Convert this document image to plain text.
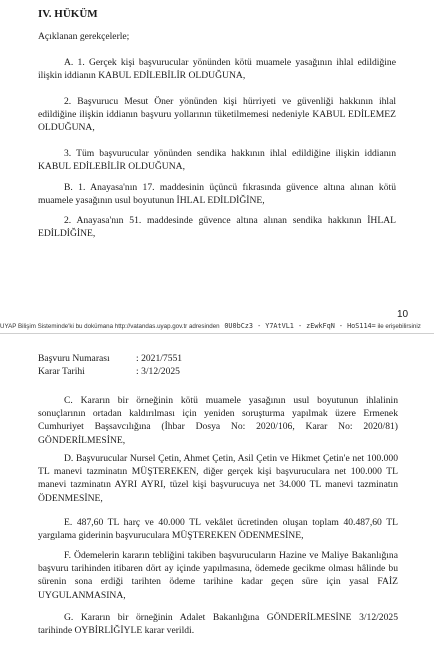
IV. HÜKÜM
Açıklanan gerekçelerle;
A. 1. Gerçek kişi başvurucular yönünden kötü muamele yasağının ihlal edildiğine ilişkin iddianın KABUL EDİLEBİLİR OLDUĞUNA,
2. Başvurucu Mesut Öner yönünden kişi hürriyeti ve güvenliği hakkının ihlal edildiğine ilişkin iddianın başvuru yollarının tüketilmemesi nedeniyle KABUL EDİLEMEZ OLDUĞUNA,
3. Tüm başvurucular yönünden sendika hakkının ihlal edildiğine ilişkin iddianın KABUL EDİLEBİLİR OLDUĞUNA,
B. 1. Anayasa'nın 17. maddesinin üçüncü fıkrasında güvence altına alınan kötü muamele yasağının usul boyutunun İHLAL EDİLDİĞİNE,
2. Anayasa'nın 51. maddesinde güvence altına alınan sendika hakkının İHLAL EDİLDİĞİNE,
10
UYAP Bilişim Sisteminde'ki bu dokümana http://vatandas.uyap.gov.tr adresinden 0U0bCz3 - Y7AtVL1 - zEwkFqN - HoS114= ile erişebilirsiniz
Başvuru Numarası	: 2021/7551
Karar Tarihi	: 3/12/2025
C. Kararın bir örneğinin kötü muamele yasağının usul boyutunun ihlalinin sonuçlarının ortadan kaldırılması için yeniden soruşturma yapılmak üzere Ermenek Cumhuriyet Başsavcılığına (İhbar Dosya No: 2020/106, Karar No: 2020/81) GÖNDERİLMESİNE,
D. Başvurucular Nursel Çetin, Ahmet Çetin, Asil Çetin ve Hikmet Çetin'e net 100.000 TL manevi tazminatın MÜŞTEREKEN, diğer gerçek kişi başvuruculara net 100.000 TL manevi tazminatın AYRI AYRI, tüzel kişi başvurucuya net 34.000 TL manevi tazminatın ÖDENMESİNE,
E. 487,60 TL harç ve 40.000 TL vekâlet ücretinden oluşan toplam 40.487,60 TL yargılama giderinin başvuruculara MÜŞTEREKEN ÖDENMESİNE,
F. Ödemelerin kararın tebliğini takiben başvurucuların Hazine ve Maliye Bakanlığına başvuru tarihinden itibaren dört ay içinde yapılmasına, ödemede gecikme olması hâlinde bu sürenin sona erdiği tarihten ödeme tarihine kadar geçen süre için yasal FAİZ UYGULANMASINA,
G. Kararın bir örneğinin Adalet Bakanlığına GÖNDERİLMESİNE 3/12/2025 tarihinde OYBİRLİĞİYLE karar verildi.
